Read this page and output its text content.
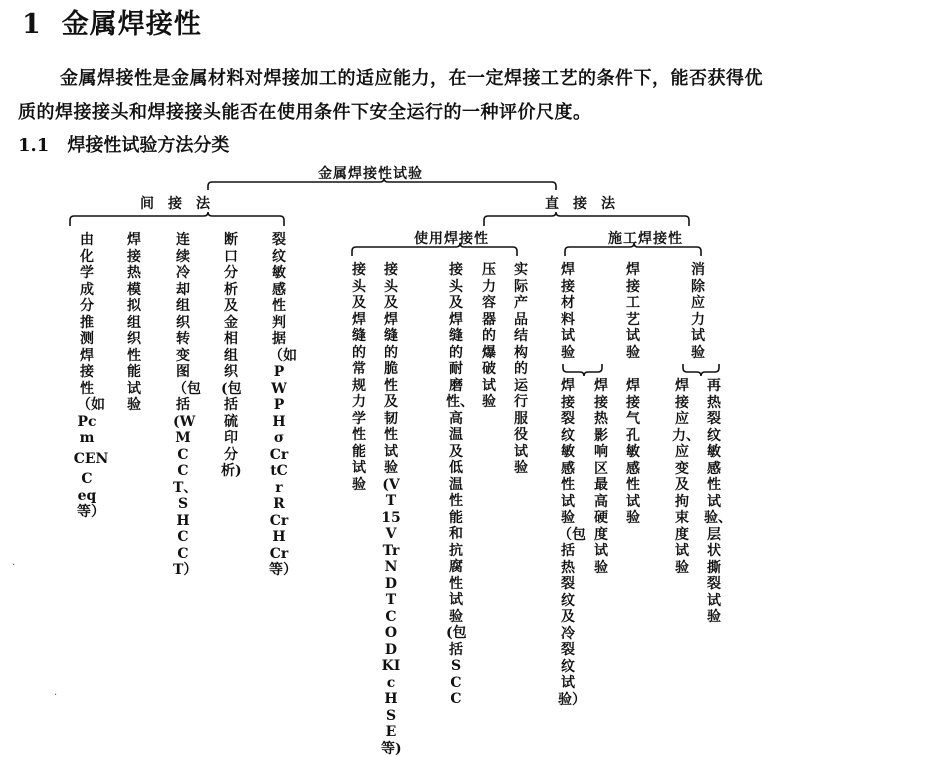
1 金属焊接性
金属焊接性是金属材料对焊接加工的适应能力，在一定焊接工艺的条件下，能否获得优
质的焊接接头和焊接接头能否在使用条件下安全运行的一种评价尺度。
1.1 焊接性试验方法分类
金属焊接性试验
间接法	直接法
使用焊接性	施工焊接性
由化学成分推测焊接性（如Pcm
CEN
Ceq等）
焊接热模拟组织性能试验
连续冷却组织转变图（包括(WMCCT、SHCCT）
断口分析及金相组织(包括硫印分析)
裂纹敏感性判据（如PW
PH σCr tCr RCr HCr等）
接头及焊缝的常规力学性能试验
接头及焊缝的脆性及韧性试验
(VT15 VTr NDT COD KIc HSE等)
接头及焊缝的耐磨性、高温及低温性能和抗腐性试验(包括SCC
压力容器的爆破试验
实际产品结构的运行服役试验
焊接材料试验
焊接工艺试验
消除应力试验
焊接裂纹敏感性试验（包括热裂纹及冷裂纹试验）
焊接热影响区最高硬度试验
焊接气孔敏感性试验
焊接应力、应变及拘束度试验
再热裂纹敏感性试验、层状撕裂试验
·
·
